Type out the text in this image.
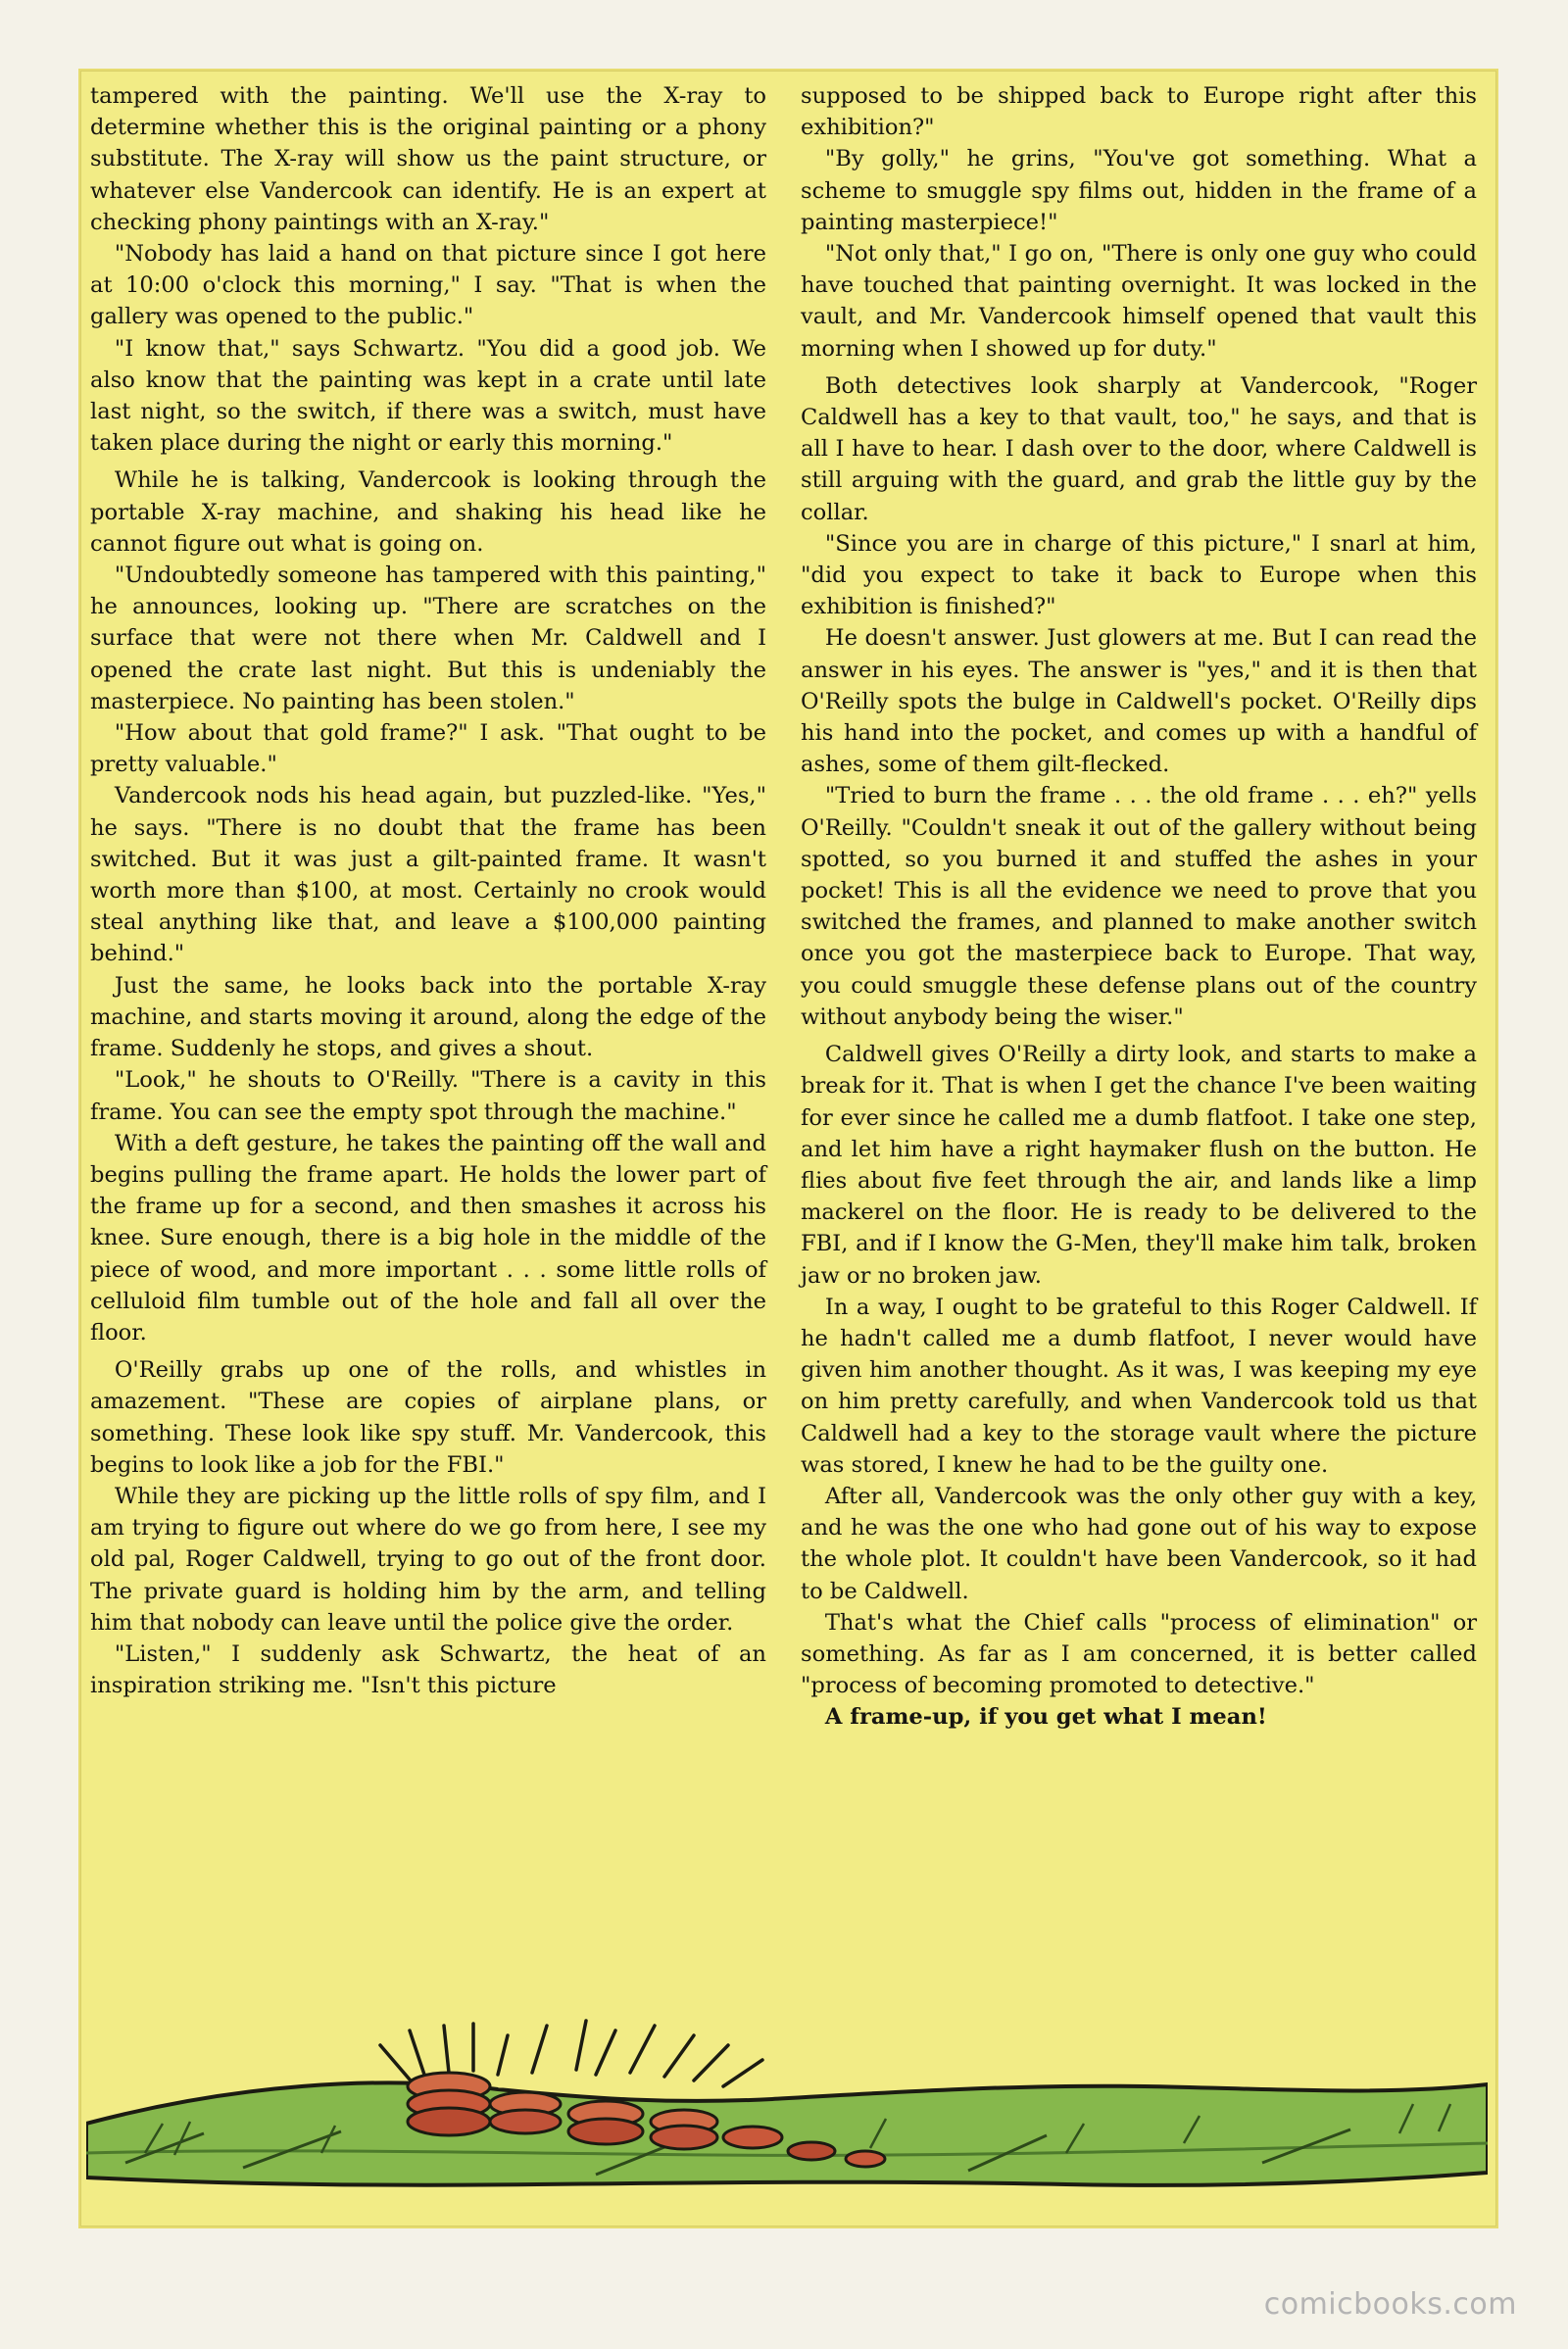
tampered with the painting. We'll use the X-ray to determine whether this is the original painting or a phony substitute. The X-ray will show us the paint structure, or whatever else Vandercook can identify. He is an expert at checking phony paintings with an X-ray."

"Nobody has laid a hand on that picture since I got here at 10:00 o'clock this morning," I say. "That is when the gallery was opened to the public."

"I know that," says Schwartz. "You did a good job. We also know that the painting was kept in a crate until late last night, so the switch, if there was a switch, must have taken place during the night or early this morning."

While he is talking, Vandercook is looking through the portable X-ray machine, and shaking his head like he cannot figure out what is going on.

"Undoubtedly someone has tampered with this painting," he announces, looking up. "There are scratches on the surface that were not there when Mr. Caldwell and I opened the crate last night. But this is undeniably the masterpiece. No painting has been stolen."

"How about that gold frame?" I ask. "That ought to be pretty valuable."

Vandercook nods his head again, but puzzled-like. "Yes," he says. "There is no doubt that the frame has been switched. But it was just a gilt-painted frame. It wasn't worth more than $100, at most. Certainly no crook would steal anything like that, and leave a $100,000 painting behind."

Just the same, he looks back into the portable X-ray machine, and starts moving it around, along the edge of the frame. Suddenly he stops, and gives a shout.

"Look," he shouts to O'Reilly. "There is a cavity in this frame. You can see the empty spot through the machine."

With a deft gesture, he takes the painting off the wall and begins pulling the frame apart. He holds the lower part of the frame up for a second, and then smashes it across his knee. Sure enough, there is a big hole in the middle of the piece of wood, and more important . . . some little rolls of celluloid film tumble out of the hole and fall all over the floor.

O'Reilly grabs up one of the rolls, and whistles in amazement. "These are copies of airplane plans, or something. These look like spy stuff. Mr. Vandercook, this begins to look like a job for the FBI."

While they are picking up the little rolls of spy film, and I am trying to figure out where do we go from here, I see my old pal, Roger Caldwell, trying to go out of the front door. The private guard is holding him by the arm, and telling him that nobody can leave until the police give the order.

"Listen," I suddenly ask Schwartz, the heat of an inspiration striking me. "Isn't this picture

supposed to be shipped back to Europe right after this exhibition?"

"By golly," he grins, "You've got something. What a scheme to smuggle spy films out, hidden in the frame of a painting masterpiece!"

"Not only that," I go on, "There is only one guy who could have touched that painting overnight. It was locked in the vault, and Mr. Vandercook himself opened that vault this morning when I showed up for duty."

Both detectives look sharply at Vandercook, "Roger Caldwell has a key to that vault, too," he says, and that is all I have to hear. I dash over to the door, where Caldwell is still arguing with the guard, and grab the little guy by the collar.

"Since you are in charge of this picture," I snarl at him, "did you expect to take it back to Europe when this exhibition is finished?"

He doesn't answer. Just glowers at me. But I can read the answer in his eyes. The answer is "yes," and it is then that O'Reilly spots the bulge in Caldwell's pocket. O'Reilly dips his hand into the pocket, and comes up with a handful of ashes, some of them gilt-flecked.

"Tried to burn the frame . . . the old frame . . . eh?" yells O'Reilly. "Couldn't sneak it out of the gallery without being spotted, so you burned it and stuffed the ashes in your pocket! This is all the evidence we need to prove that you switched the frames, and planned to make another switch once you got the masterpiece back to Europe. That way, you could smuggle these defense plans out of the country without anybody being the wiser."

Caldwell gives O'Reilly a dirty look, and starts to make a break for it. That is when I get the chance I've been waiting for ever since he called me a dumb flatfoot. I take one step, and let him have a right haymaker flush on the button. He flies about five feet through the air, and lands like a limp mackerel on the floor. He is ready to be delivered to the FBI, and if I know the G-Men, they'll make him talk, broken jaw or no broken jaw.

In a way, I ought to be grateful to this Roger Caldwell. If he hadn't called me a dumb flatfoot, I never would have given him another thought. As it was, I was keeping my eye on him pretty carefully, and when Vandercook told us that Caldwell had a key to the storage vault where the picture was stored, I knew he had to be the guilty one.

After all, Vandercook was the only other guy with a key, and he was the one who had gone out of his way to expose the whole plot. It couldn't have been Vandercook, so it had to be Caldwell.

That's what the Chief calls "process of elimination" or something. As far as I am concerned, it is better called "process of becoming promoted to detective."

A frame-up, if you get what I mean!

comicbooks.com
